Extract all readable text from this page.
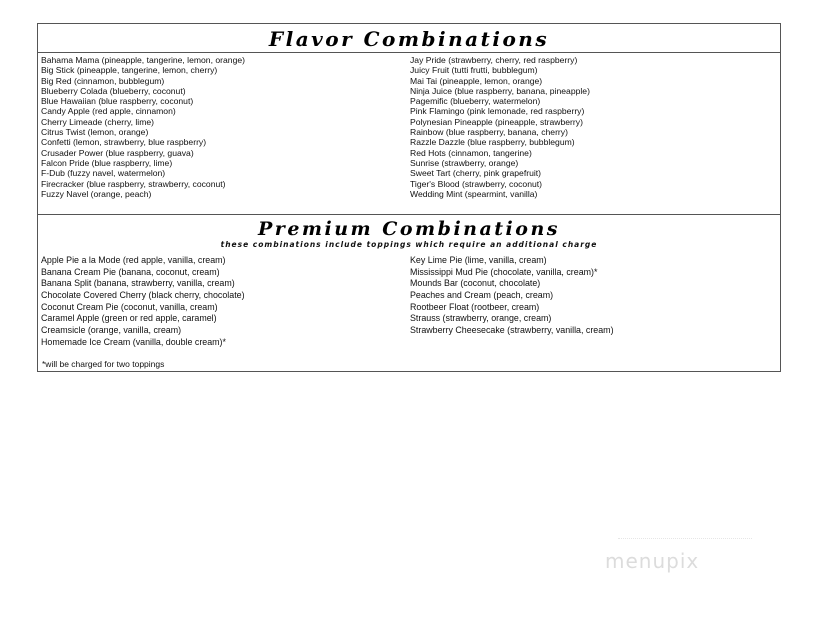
Flavor Combinations
Bahama Mama (pineapple, tangerine, lemon, orange)
Big Stick (pineapple, tangerine, lemon, cherry)
Big Red (cinnamon, bubblegum)
Blueberry Colada (blueberry, coconut)
Blue Hawaiian (blue raspberry, coconut)
Candy Apple (red apple, cinnamon)
Cherry Limeade (cherry, lime)
Citrus Twist (lemon, orange)
Confetti (lemon, strawberry, blue raspberry)
Crusader Power (blue raspberry, guava)
Falcon Pride (blue raspberry, lime)
F-Dub (fuzzy navel, watermelon)
Firecracker (blue raspberry, strawberry, coconut)
Fuzzy Navel (orange, peach)
Jay Pride (strawberry, cherry, red raspberry)
Juicy Fruit (tutti frutti, bubblegum)
Mai Tai (pineapple, lemon, orange)
Ninja Juice (blue raspberry, banana, pineapple)
Pagemific (blueberry, watermelon)
Pink Flamingo (pink lemonade, red raspberry)
Polynesian Pineapple (pineapple, strawberry)
Rainbow (blue raspberry, banana, cherry)
Razzle Dazzle (blue raspberry, bubblegum)
Red Hots (cinnamon, tangerine)
Sunrise (strawberry, orange)
Sweet Tart (cherry, pink grapefruit)
Tiger's Blood (strawberry, coconut)
Wedding Mint (spearmint, vanilla)
Premium Combinations
these combinations include toppings which require an additional charge
Apple Pie a la Mode (red apple, vanilla, cream)
Banana Cream Pie (banana, coconut, cream)
Banana Split (banana, strawberry, vanilla, cream)
Chocolate Covered Cherry (black cherry, chocolate)
Coconut Cream Pie (coconut, vanilla, cream)
Caramel Apple (green or red apple, caramel)
Creamsicle (orange, vanilla, cream)
Homemade Ice Cream (vanilla, double cream)*
Key Lime Pie (lime, vanilla, cream)
Mississippi Mud Pie (chocolate, vanilla, cream)*
Mounds Bar (coconut, chocolate)
Peaches and Cream (peach, cream)
Rootbeer Float (rootbeer, cream)
Strauss (strawberry, orange, cream)
Strawberry Cheesecake (strawberry, vanilla, cream)
*will be charged for two toppings
menupix
